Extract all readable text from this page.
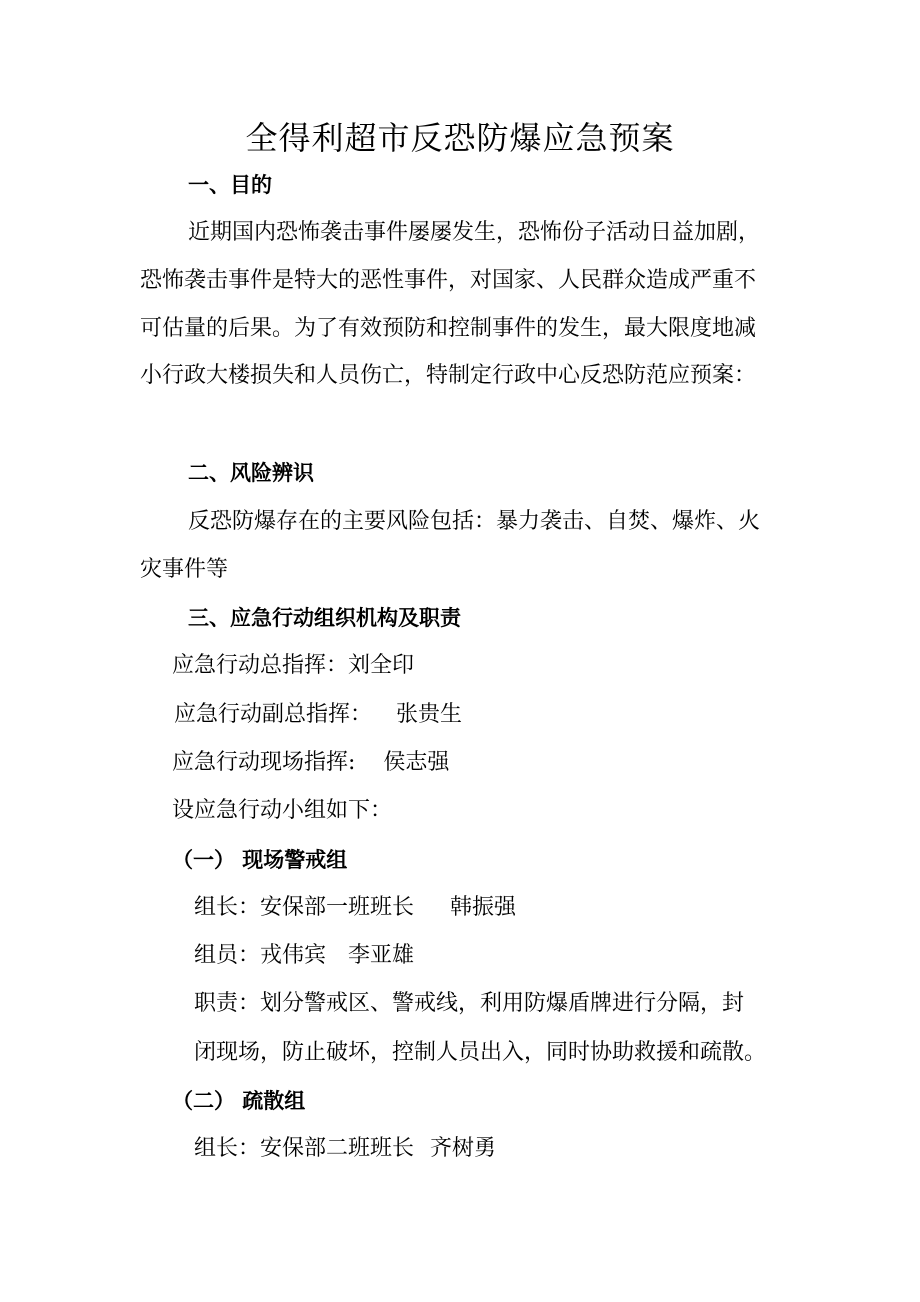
全得利超市反恐防爆应急预案
一、目的
近期国内恐怖袭击事件屡屡发生，恐怖份子活动日益加剧，
恐怖袭击事件是特大的恶性事件，对国家、人民群众造成严重不
可估量的后果。为了有效预防和控制事件的发生，最大限度地减
小行政大楼损失和人员伤亡，特制定行政中心反恐防范应预案：
二、风险辨识
反恐防爆存在的主要风险包括：暴力袭击、自焚、爆炸、火
灾事件等
三、应急行动组织机构及职责
应急行动总指挥：刘全印
应急行动副总指挥： 张贵生
应急行动现场指挥: 侯志强
设应急行动小组如下：
（一） 现场警戒组
组长：安保部一班班长 韩振强
组员：戎伟宾 李亚雄
职责：划分警戒区、警戒线，利用防爆盾牌进行分隔，封
闭现场，防止破坏，控制人员出入，同时协助救援和疏散。
（二） 疏散组
组长：安保部二班班长 齐树勇
